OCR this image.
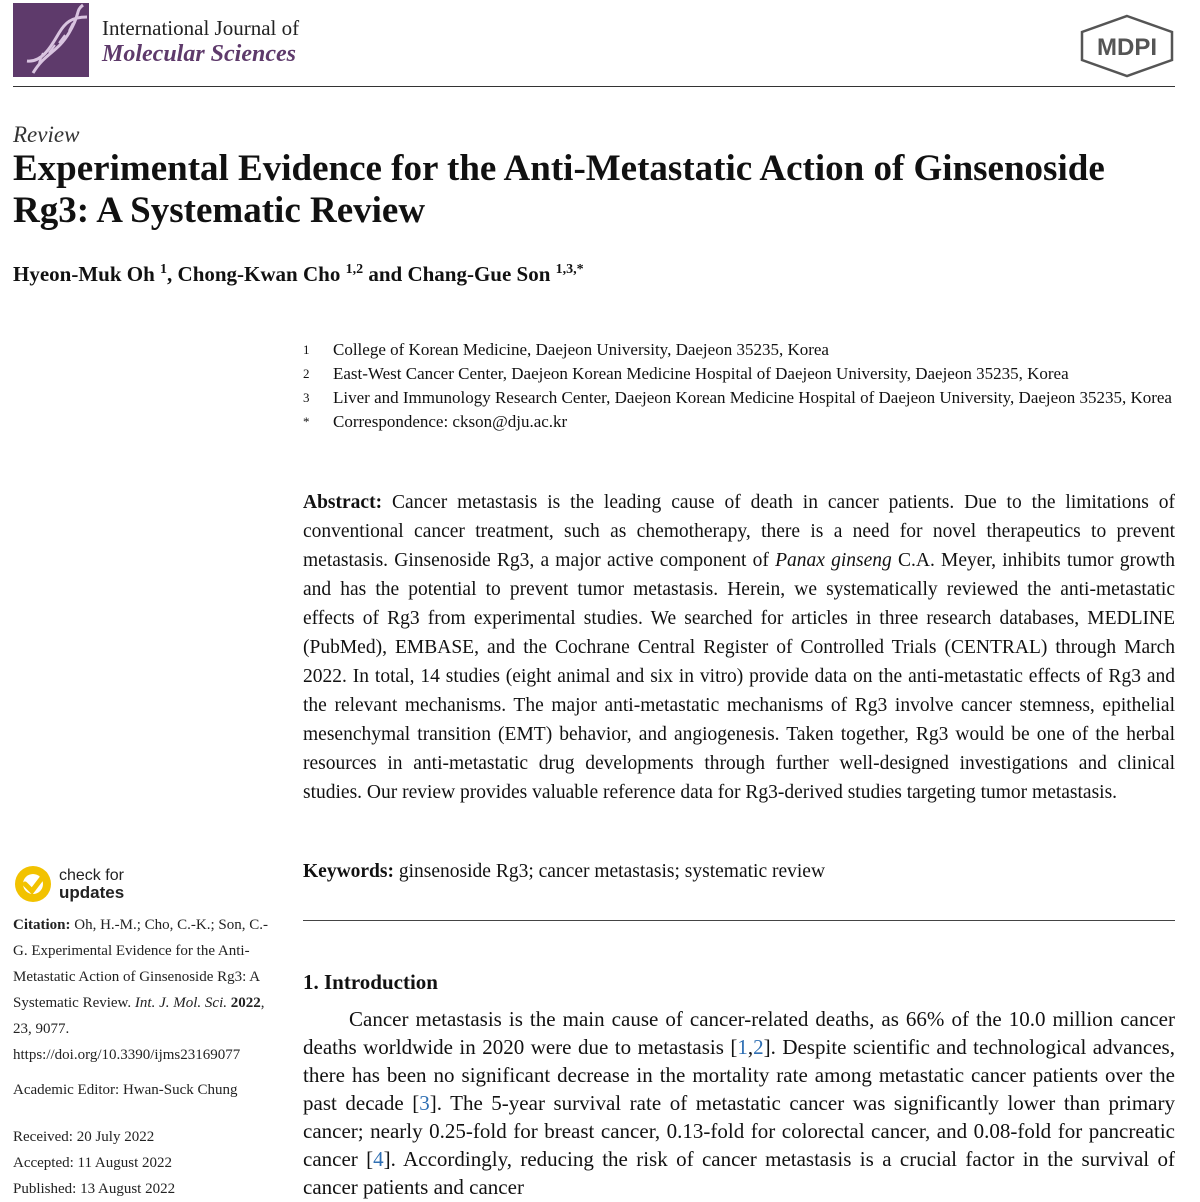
International Journal of
Molecular Sciences	MDPI
Review
Experimental Evidence for the Anti-Metastatic Action of Ginsenoside Rg3: A Systematic Review
Hyeon-Muk Oh $^1$, Chong-Kwan Cho $^{1,2}$ and Chang-Gue Son $^{1,3,*}$
1	College of Korean Medicine, Daejeon University, Daejeon 35235, Korea
2	East-West Cancer Center, Daejeon Korean Medicine Hospital of Daejeon University, Daejeon 35235, Korea
3	Liver and Immunology Research Center, Daejeon Korean Medicine Hospital of Daejeon University, Daejeon 35235, Korea
*	Correspondence: ckson@dju.ac.kr
Abstract: Cancer metastasis is the leading cause of death in cancer patients. Due to the limitations of conventional cancer treatment, such as chemotherapy, there is a need for novel therapeutics to prevent metastasis. Ginsenoside Rg3, a major active component of Panax ginseng C.A. Meyer, inhibits tumor growth and has the potential to prevent tumor metastasis. Herein, we systematically reviewed the anti-metastatic effects of Rg3 from experimental studies. We searched for articles in three research databases, MEDLINE (PubMed), EMBASE, and the Cochrane Central Register of Controlled Trials (CENTRAL) through March 2022. In total, 14 studies (eight animal and six in vitro) provide data on the anti-metastatic effects of Rg3 and the relevant mechanisms. The major anti-metastatic mechanisms of Rg3 involve cancer stemness, epithelial mesenchymal transition (EMT) behavior, and angiogenesis. Taken together, Rg3 would be one of the herbal resources in anti-metastatic drug developments through further well-designed investigations and clinical studies. Our review provides valuable reference data for Rg3-derived studies targeting tumor metastasis.
Keywords: ginsenoside Rg3; cancer metastasis; systematic review
1. Introduction

Cancer metastasis is the main cause of cancer-related deaths, as 66% of the 10.0 million cancer deaths worldwide in 2020 were due to metastasis [1,2]. Despite scientific and technological advances, there has been no significant decrease in the mortality rate among metastatic cancer patients over the past decade [3]. The 5-year survival rate of metastatic cancer was significantly lower than primary cancer; nearly 0.25-fold for breast cancer, 0.13-fold for colorectal cancer, and 0.08-fold for pancreatic cancer [4]. Accordingly, reducing the risk of cancer metastasis is a crucial factor in the survival of cancer patients and cancer

check for
updates
Citation: Oh, H.-M.; Cho, C.-K.; Son, C.-G. Experimental Evidence for the Anti-Metastatic Action of Ginsenoside Rg3: A Systematic Review. Int. J. Mol. Sci. 2022, 23, 9077.
https://doi.org/10.3390/ijms23169077
Academic Editor: Hwan-Suck Chung
Received: 20 July 2022
Accepted: 11 August 2022
Published: 13 August 2022
